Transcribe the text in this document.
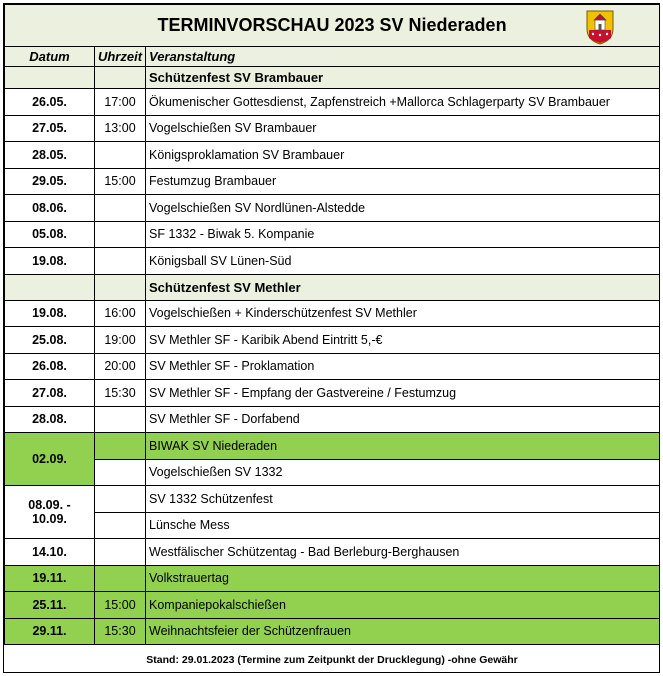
TERMINVORSCHAU 2023 SV Niederaden		

Datum	Uhrzeit	Veranstaltung
		Schützenfest SV Brambauer
26.05.	17:00	Ökumenischer Gottesdienst, Zapfenstreich +Mallorca Schlagerparty SV Brambauer
27.05.	13:00	Vogelschießen SV Brambauer
28.05.		Königsproklamation SV Brambauer
29.05.	15:00	Festumzug Brambauer
08.06.		Vogelschießen SV Nordlünen-Alstedde
05.08.		SF 1332 - Biwak 5. Kompanie
19.08.		Königsball SV Lünen-Süd
		Schützenfest SV Methler
19.08.	16:00	Vogelschießen + Kinderschützenfest SV Methler
25.08.	19:00	SV Methler SF - Karibik Abend Eintritt 5,-€
26.08.	20:00	SV Methler SF - Proklamation
27.08.	15:30	SV Methler SF - Empfang der Gastvereine / Festumzug
28.08.		SV Methler SF - Dorfabend
02.09.		BIWAK SV Niederaden
		Vogelschießen SV 1332

08.09. -
10.09.		SV 1332 Schützenfest
		Lünsche Mess
14.10.		Westfälischer Schützentag - Bad Berleburg-Berghausen
19.11.		Volkstrauertag
25.11.	15:00	Kompaniepokalschießen
29.11.	15:30	Weihnachtsfeier der Schützenfrauen
Stand: 29.01.2023 (Termine zum Zeitpunkt der Drucklegung) -ohne Gewähr		
